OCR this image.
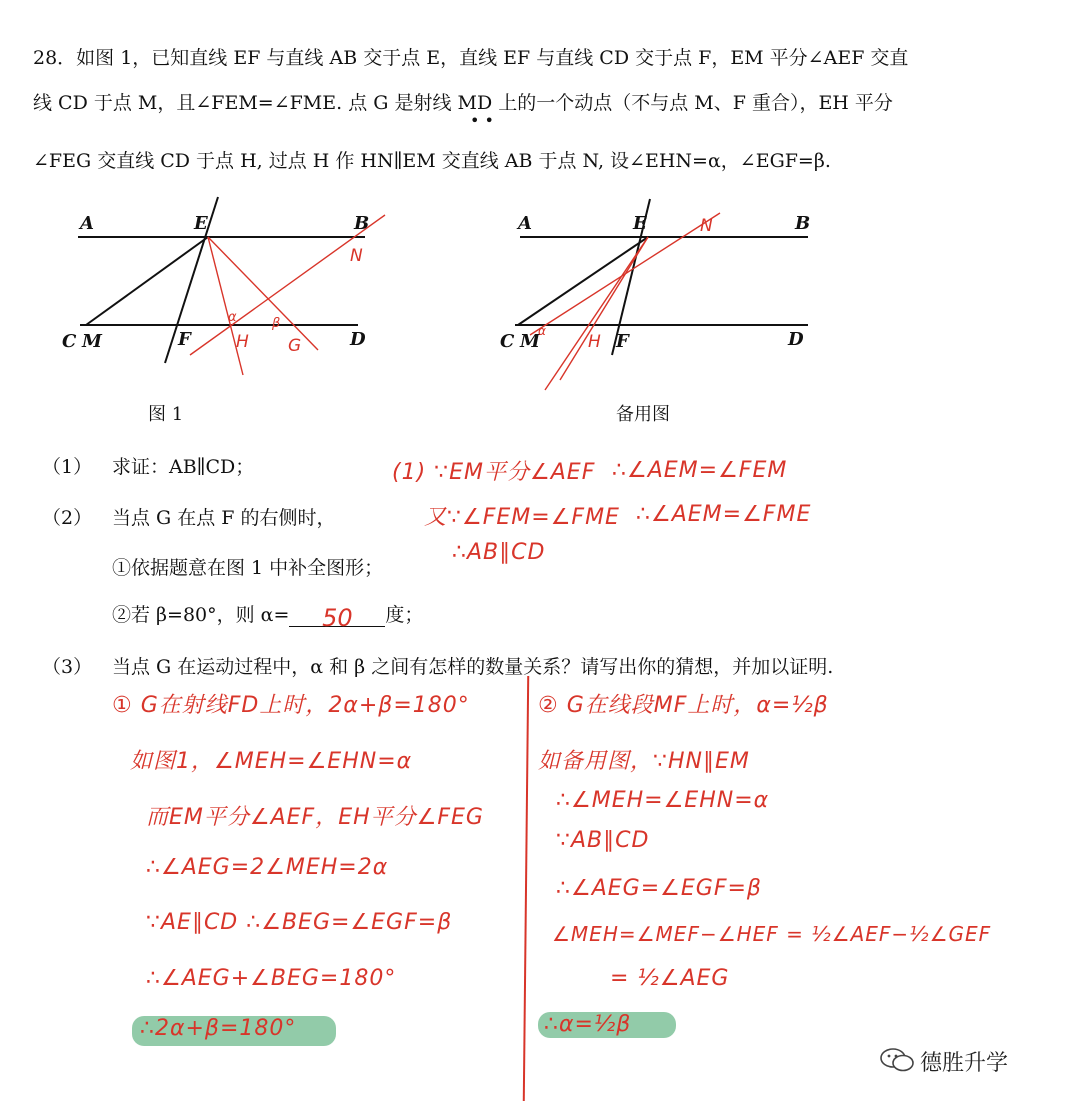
28．如图 1，已知直线 EF 与直线 AB 交于点 E，直线 EF 与直线 CD 交于点 F，EM 平分∠AEF 交直
线 CD 于点 M，且∠FEM=∠FME. 点 G 是射线 MD 上的一个动点（不与点 M、F 重合），EH 平分
• •
∠FEG 交直线 CD 于点 H, 过点 H 作 HN∥EM 交直线 AB 于点 N, 设∠EHN=α，∠EGF=β.
A	E	B
C M	F	D
N
H G
α	β
图 1
A	E	B
C M	F	D
N
H
α
备用图
（1） 求证：AB∥CD；
（2） 当点 G 在点 F 的右侧时，
①依据题意在图 1 中补全图形；
②若 β=80°，则 α= 50 度；
（3） 当点 G 在运动过程中，α 和 β 之间有怎样的数量关系？请写出你的猜想，并加以证明.
(1) ∵EM平分∠AEF ∴∠AEM=∠FEM
又∵∠FEM=∠FME ∴∠AEM=∠FME
∴AB∥CD
① G在射线FD上时，2α+β=180°
如图1，∠MEH=∠EHN=α
而EM平分∠AEF，EH平分∠FEG
∴∠AEG=2∠MEH=2α
∵AE∥CD ∴∠BEG=∠EGF=β
∴∠AEG+∠BEG=180°
∴2α+β=180°
② G在线段MF上时，α=½β
如备用图，∵HN∥EM
∴∠MEH=∠EHN=α
∵AB∥CD
∴∠AEG=∠EGF=β
∠MEH=∠MEF−∠HEF = ½∠AEF−½∠GEF
= ½∠AEG
∴α=½β
德胜升学
